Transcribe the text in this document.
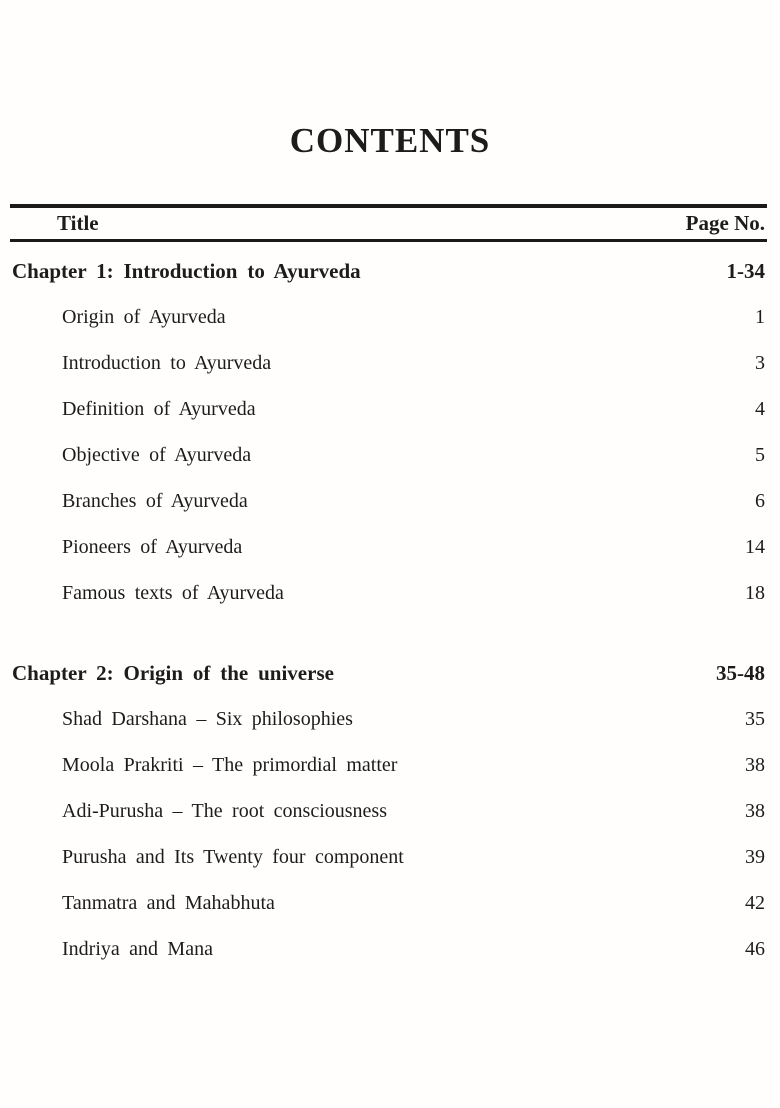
CONTENTS
Title	Page No.
Chapter 1: Introduction to Ayurveda	1-34
Origin of Ayurveda	1
Introduction to Ayurveda	3
Definition of Ayurveda	4
Objective of Ayurveda	5
Branches of Ayurveda	6
Pioneers of Ayurveda	14
Famous texts of Ayurveda	18
Chapter 2: Origin of the universe	35-48
Shad Darshana – Six philosophies	35
Moola Prakriti – The primordial matter	38
Adi-Purusha – The root consciousness	38
Purusha and Its Twenty four component	39
Tanmatra and Mahabhuta	42
Indriya and Mana	46
